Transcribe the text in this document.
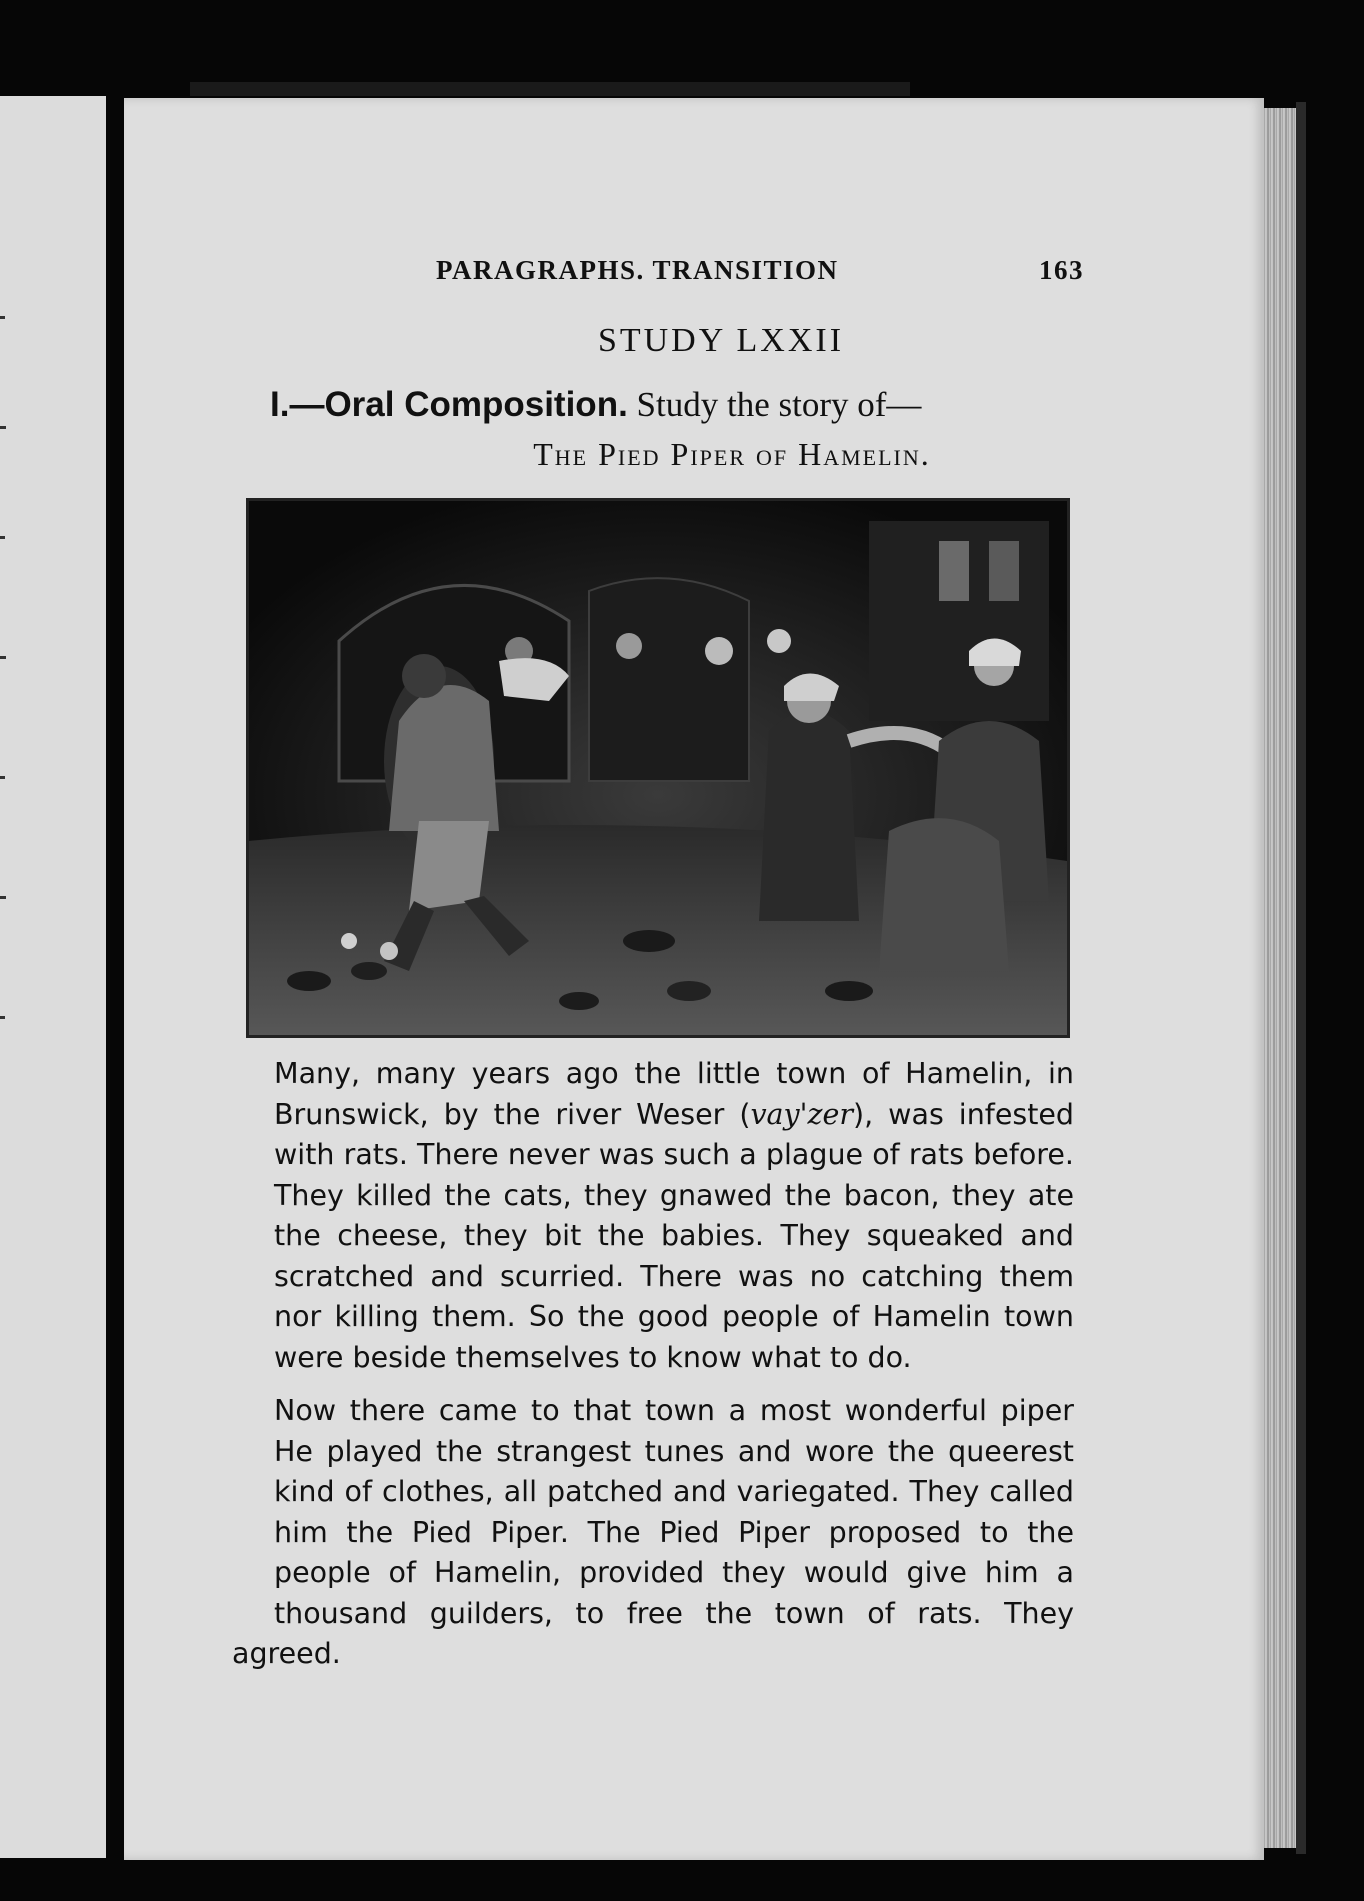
PARAGRAPHS. TRANSITION	163
STUDY LXXII
I.—Oral Composition. Study the story of—
The Pied Piper of Hamelin.

Many, many years ago the little town of Hamelin, in
Brunswick, by the river Weser (vay'zer), was infested
with rats. There never was such a plague of rats before.
They killed the cats, they gnawed the bacon, they ate
the cheese, they bit the babies. They squeaked and
scratched and scurried. There was no catching them
nor killing them. So the good people of Hamelin town
were beside themselves to know what to do.

Now there came to that town a most wonderful piper
He played the strangest tunes and wore the queerest
kind of clothes, all patched and variegated. They called
him the Pied Piper. The Pied Piper proposed to the
people of Hamelin, provided they would give him a
thousand guilders, to free the town of rats. They agreed.
